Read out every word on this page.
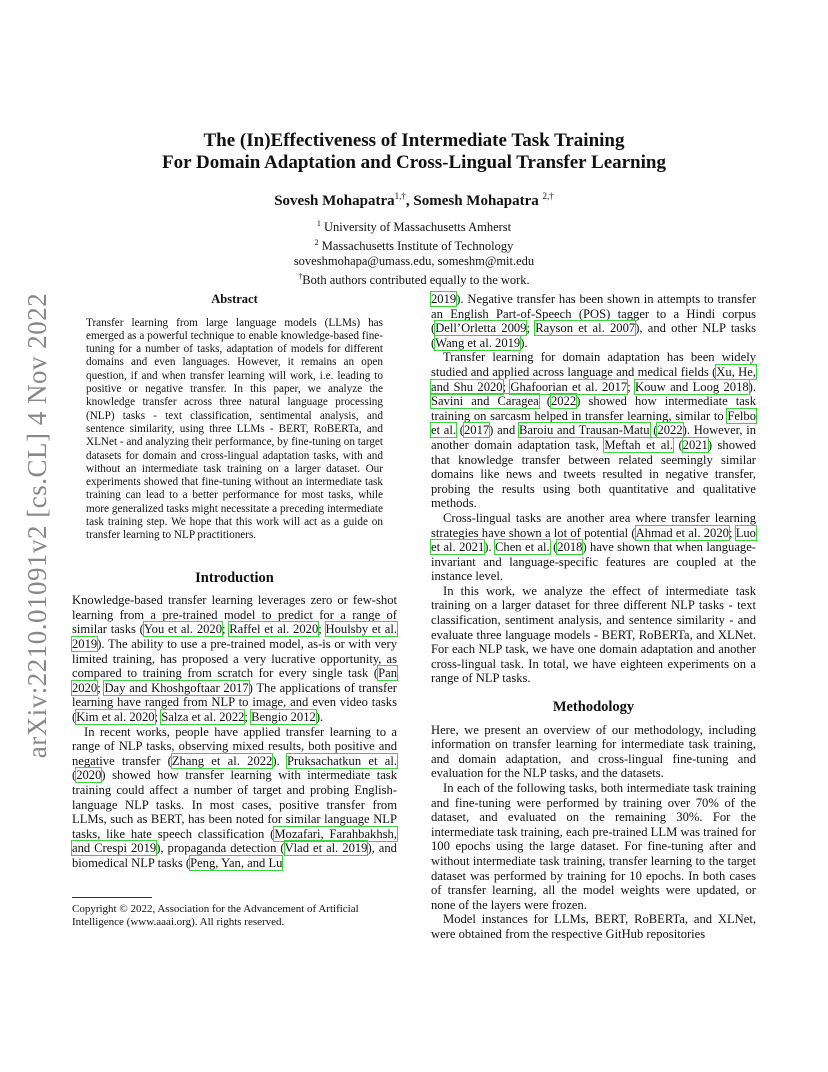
arXiv:2210.01091v2 [cs.CL] 4 Nov 2022
The (In)Effectiveness of Intermediate Task Training
For Domain Adaptation and Cross-Lingual Transfer Learning
Sovesh Mohapatra$^{1,\dagger}$, Somesh Mohapatra $^{2,\dagger}$
$^1$ University of Massachusetts Amherst
$^2$ Massachusetts Institute of Technology
soveshmohapa@umass.edu, someshm@mit.edu
†Both authors contributed equally to the work.
Abstract
Transfer learning from large language models (LLMs) has emerged as a powerful technique to enable knowledge-based fine-tuning for a number of tasks, adaptation of models for different domains and even languages. However, it remains an open question, if and when transfer learning will work, i.e. leading to positive or negative transfer. In this paper, we analyze the knowledge transfer across three natural language processing (NLP) tasks - text classification, sentimental analysis, and sentence similarity, using three LLMs - BERT, RoBERTa, and XLNet - and analyzing their performance, by fine-tuning on target datasets for domain and cross-lingual adaptation tasks, with and without an intermediate task training on a larger dataset. Our experiments showed that fine-tuning without an intermediate task training can lead to a better performance for most tasks, while more generalized tasks might necessitate a preceding intermediate task training step. We hope that this work will act as a guide on transfer learning to NLP practitioners.
Introduction

Knowledge-based transfer learning leverages zero or few-shot learning from a pre-trained model to predict for a range of similar tasks (You et al. 2020; Raffel et al. 2020; Houlsby et al. 2019). The ability to use a pre-trained model, as-is or with very limited training, has proposed a very lucrative opportunity, as compared to training from scratch for every single task (Pan 2020; Day and Khoshgoftaar 2017) The applications of transfer learning have ranged from NLP to image, and even video tasks (Kim et al. 2020; Salza et al. 2022; Bengio 2012).

In recent works, people have applied transfer learning to a range of NLP tasks, observing mixed results, both positive and negative transfer (Zhang et al. 2022). Pruksachatkun et al. (2020) showed how transfer learning with intermediate task training could affect a number of target and probing English-language NLP tasks. In most cases, positive transfer from LLMs, such as BERT, has been noted for similar language NLP tasks, like hate speech classification (Mozafari, Farahbakhsh, and Crespi 2019), propaganda detection (Vlad et al. 2019), and biomedical NLP tasks (Peng, Yan, and Lu

Copyright © 2022, Association for the Advancement of Artificial Intelligence (www.aaai.org). All rights reserved.

2019). Negative transfer has been shown in attempts to transfer an English Part-of-Speech (POS) tagger to a Hindi corpus (Dell’Orletta 2009; Rayson et al. 2007), and other NLP tasks (Wang et al. 2019).

Transfer learning for domain adaptation has been widely studied and applied across language and medical fields (Xu, He, and Shu 2020; Ghafoorian et al. 2017; Kouw and Loog 2018). Savini and Caragea (2022) showed how intermediate task training on sarcasm helped in transfer learning, similar to Felbo et al. (2017) and Baroiu and Trausan-Matu (2022). However, in another domain adaptation task, Meftah et al. (2021) showed that knowledge transfer between related seemingly similar domains like news and tweets resulted in negative transfer, probing the results using both quantitative and qualitative methods.

Cross-lingual tasks are another area where transfer learning strategies have shown a lot of potential (Ahmad et al. 2020; Luo et al. 2021). Chen et al. (2018) have shown that when language-invariant and language-specific features are coupled at the instance level.

In this work, we analyze the effect of intermediate task training on a larger dataset for three different NLP tasks - text classification, sentiment analysis, and sentence similarity - and evaluate three language models - BERT, RoBERTa, and XLNet. For each NLP task, we have one domain adaptation and another cross-lingual task. In total, we have eighteen experiments on a range of NLP tasks.

Methodology

Here, we present an overview of our methodology, including information on transfer learning for intermediate task training, and domain adaptation, and cross-lingual fine-tuning and evaluation for the NLP tasks, and the datasets.

In each of the following tasks, both intermediate task training and fine-tuning were performed by training over 70% of the dataset, and evaluated on the remaining 30%. For the intermediate task training, each pre-trained LLM was trained for 100 epochs using the large dataset. For fine-tuning after and without intermediate task training, transfer learning to the target dataset was performed by training for 10 epochs. In both cases of transfer learning, all the model weights were updated, or none of the layers were frozen.

Model instances for LLMs, BERT, RoBERTa, and XLNet, were obtained from the respective GitHub repositories
